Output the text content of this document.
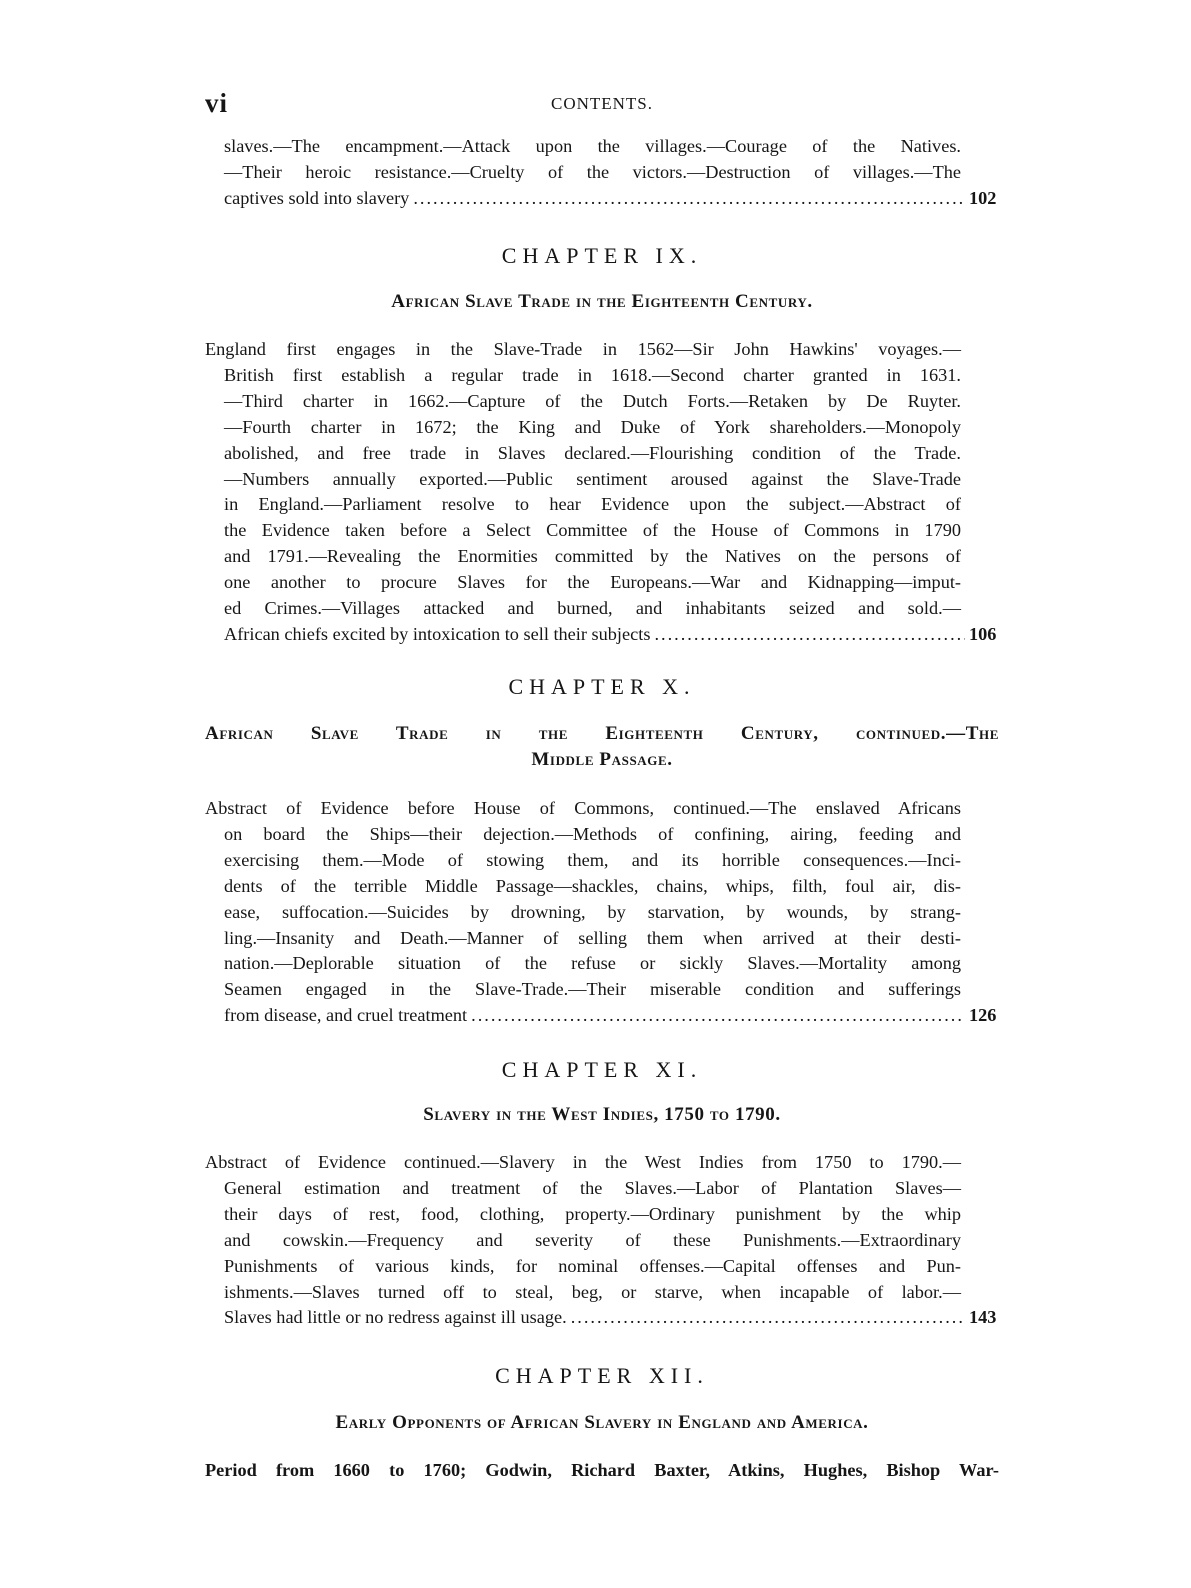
vi	CONTENTS.
slaves.—The encampment.—Attack upon the villages.—Courage of the Natives.
—Their heroic resistance.—Cruelty of the victors.—Destruction of villages.—The
captives sold into slavery .....	102
CHAPTER IX.
African Slave Trade in the Eighteenth Century.
England first engages in the Slave-Trade in 1562—Sir John Hawkins' voyages.—
British first establish a regular trade in 1618.—Second charter granted in 1631.
—Third charter in 1662.—Capture of the Dutch Forts.—Retaken by De Ruyter.
—Fourth charter in 1672; the King and Duke of York shareholders.—Monopoly
abolished, and free trade in Slaves declared.—Flourishing condition of the Trade.
—Numbers annually exported.—Public sentiment aroused against the Slave-Trade
in England.—Parliament resolve to hear Evidence upon the subject.—Abstract of
the Evidence taken before a Select Committee of the House of Commons in 1790
and 1791.—Revealing the Enormities committed by the Natives on the persons of
one another to procure Slaves for the Europeans.—War and Kidnapping—imput-
ed Crimes.—Villages attacked and burned, and inhabitants seized and sold.—
African chiefs excited by intoxication to sell their subjects .....	106
CHAPTER X.
African Slave Trade in the Eighteenth Century, continued.—The
Middle Passage.
Abstract of Evidence before House of Commons, continued.—The enslaved Africans
on board the Ships—their dejection.—Methods of confining, airing, feeding and
exercising them.—Mode of stowing them, and its horrible consequences.—Inci-
dents of the terrible Middle Passage—shackles, chains, whips, filth, foul air, dis-
ease, suffocation.—Suicides by drowning, by starvation, by wounds, by strang-
ling.—Insanity and Death.—Manner of selling them when arrived at their desti-
nation.—Deplorable situation of the refuse or sickly Slaves.—Mortality among
Seamen engaged in the Slave-Trade.—Their miserable condition and sufferings
from disease, and cruel treatment .....	126
CHAPTER XI.
Slavery in the West Indies, 1750 to 1790.
Abstract of Evidence continued.—Slavery in the West Indies from 1750 to 1790.—
General estimation and treatment of the Slaves.—Labor of Plantation Slaves—
their days of rest, food, clothing, property.—Ordinary punishment by the whip
and cowskin.—Frequency and severity of these Punishments.—Extraordinary
Punishments of various kinds, for nominal offenses.—Capital offenses and Pun-
ishments.—Slaves turned off to steal, beg, or starve, when incapable of labor.—
Slaves had little or no redress against ill usage. .....	143
CHAPTER XII.
Early Opponents of African Slavery in England and America.
Period from 1660 to 1760; Godwin, Richard Baxter, Atkins, Hughes, Bishop War-
